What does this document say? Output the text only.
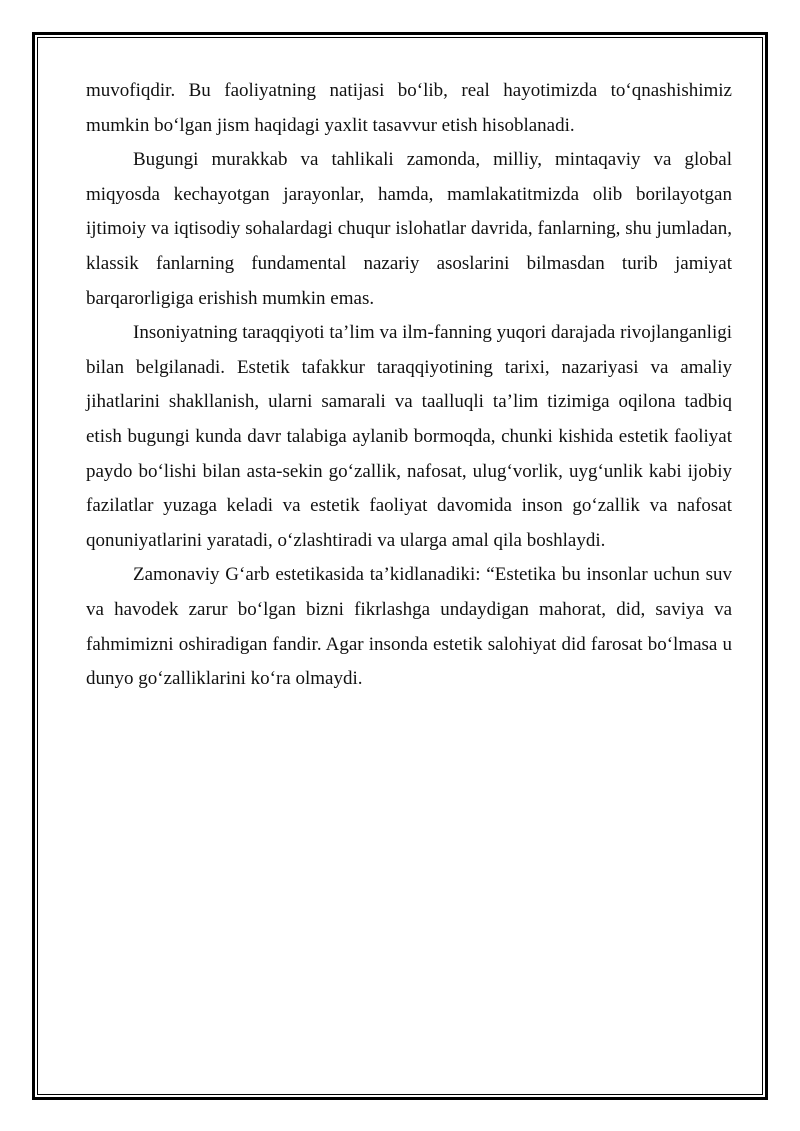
muvofiqdir. Bu faoliyatning natijasi bo‘lib, real hayotimizda to‘qnashishimiz mumkin bo‘lgan jism haqidagi yaxlit tasavvur etish hisoblanadi.

Bugungi murakkab va tahlikali zamonda, milliy, mintaqaviy va global miqyosda kechayotgan jarayonlar, hamda, mamlakatitmizda olib borilayotgan ijtimoiy va iqtisodiy sohalardagi chuqur islohatlar davrida, fanlarning, shu jumladan, klassik fanlarning fundamental nazariy asoslarini bilmasdan turib jamiyat barqarorligiga erishish mumkin emas.

Insoniyatning taraqqiyoti ta’lim va ilm-fanning yuqori darajada rivojlanganligi bilan belgilanadi. Estetik tafakkur taraqqiyotining tarixi, nazariyasi va amaliy jihatlarini shakllanish, ularni samarali va taalluqli ta’lim tizimiga oqilona tadbiq etish bugungi kunda davr talabiga aylanib bormoqda, chunki kishida estetik faoliyat paydo bo‘lishi bilan asta-sekin go‘zallik, nafosat, ulug‘vorlik, uyg‘unlik kabi ijobiy fazilatlar yuzaga keladi va estetik faoliyat davomida inson go‘zallik va nafosat qonuniyatlarini yaratadi, o‘zlashtiradi va ularga amal qila boshlaydi.

Zamonaviy G‘arb estetikasida ta’kidlanadiki: “Estetika bu insonlar uchun suv va havodek zarur bo‘lgan bizni fikrlashga undaydigan mahorat, did, saviya va fahmimizni oshiradigan fandir. Agar insonda estetik salohiyat did farosat bo‘lmasa u dunyo go‘zalliklarini ko‘ra olmaydi.
